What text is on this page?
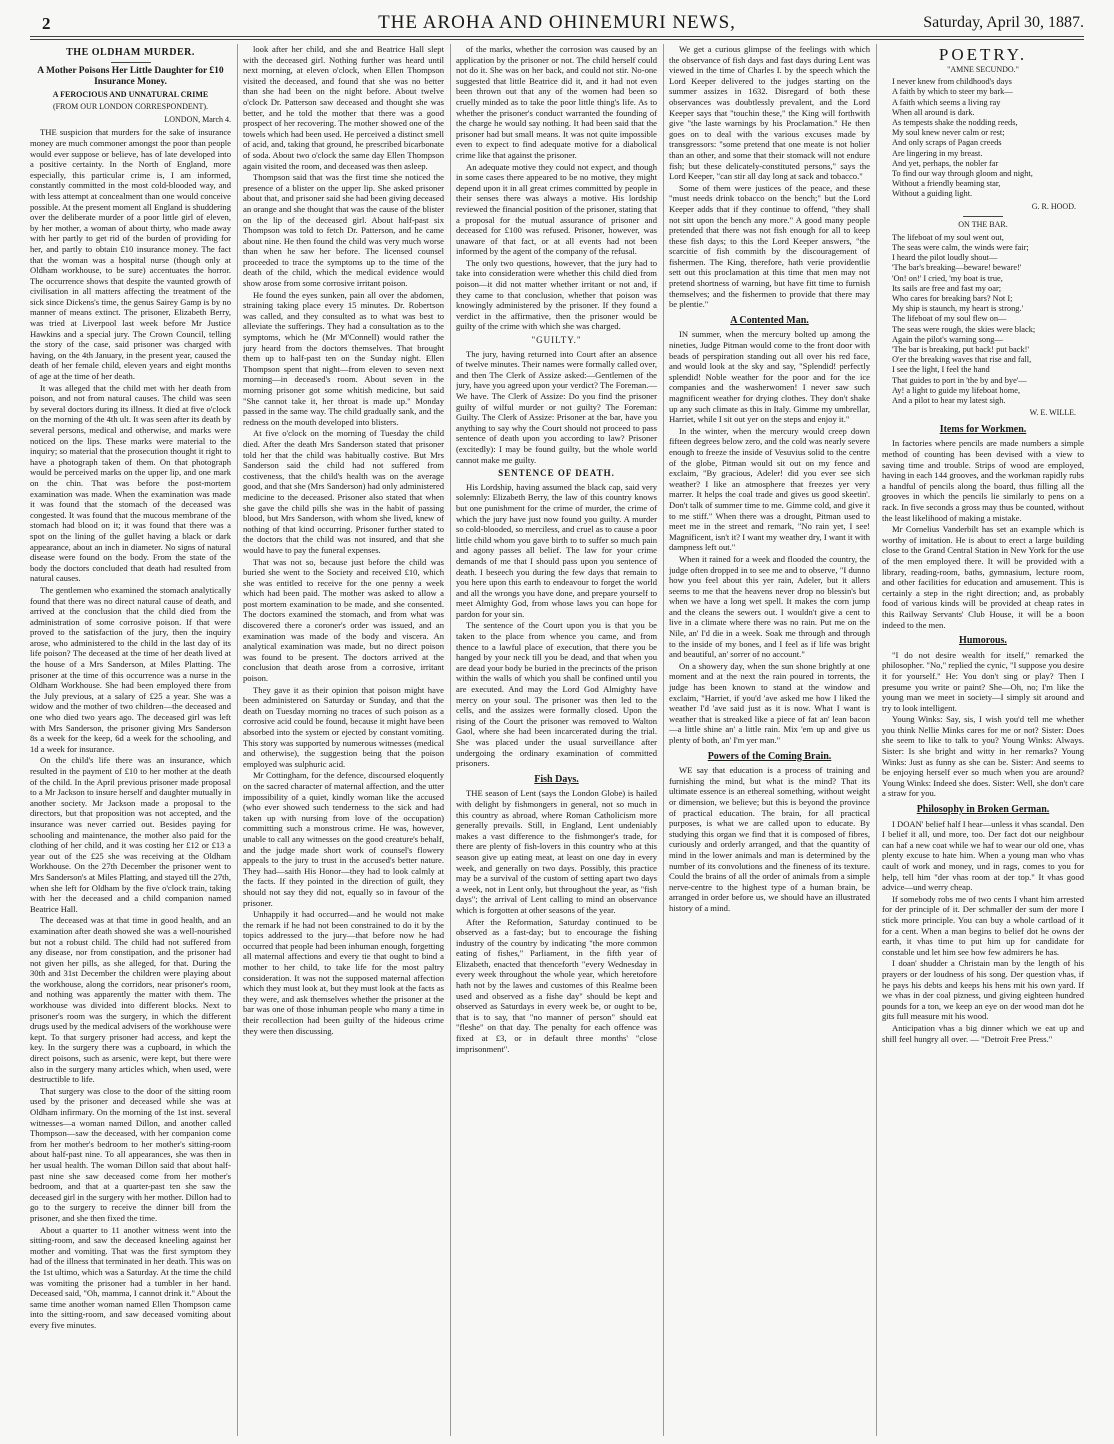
2	THE AROHA AND OHINEMURI NEWS,	Saturday, April 30, 1887.
THE OLDHAM MURDER.
A Mother Poisons Her Little Daughter for £10 Insurance Money.
A FEROCIOUS AND UNNATURAL CRIME
(FROM OUR LONDON CORRESPONDENT).
LONDON, March 4.

THE suspicion that murders for the sake of insurance money are much commoner amongst the poor than people would ever suppose or believe, has of late developed into a positive certainty. In the North of England, more especially, this particular crime is, I am informed, constantly committed in the most cold-blooded way, and with less attempt at concealment than one would conceive possible. At the present moment all England is shuddering over the deliberate murder of a poor little girl of eleven, by her mother, a woman of about thirty, who made away with her partly to get rid of the burden of providing for her, and partly to obtain £10 insurance money. The fact that the woman was a hospital nurse (though only at Oldham workhouse, to be sure) accentuates the horror. The occurrence shows that despite the vaunted growth of civilisation in all matters affecting the treatment of the sick since Dickens's time, the genus Sairey Gamp is by no manner of means extinct. The prisoner, Elizabeth Berry, was tried at Liverpool last week before Mr Justice Hawkins and a special jury. The Crown Council, telling the story of the case, said prisoner was charged with having, on the 4th January, in the present year, caused the death of her female child, eleven years and eight months of age at the time of her death.

It was alleged that the child met with her death from poison, and not from natural causes. The child was seen by several doctors during its illness. It died at five o'clock on the morning of the 4th ult. It was seen after its death by several persons, medical and otherwise, and marks were noticed on the lips. These marks were material to the inquiry; so material that the prosecution thought it right to have a photograph taken of them. On that photograph would be perceived marks on the upper lip, and one mark on the chin. That was before the post-mortem examination was made. When the examination was made it was found that the stomach of the deceased was congested. It was found that the mucous membrane of the stomach had blood on it; it was found that there was a spot on the lining of the gullet having a black or dark appearance, about an inch in diameter. No signs of natural disease were found on the body. From the state of the body the doctors concluded that death had resulted from natural causes.

The gentlemen who examined the stomach analytically found that there was no direct natural cause of death, and arrived at the conclusion that the child died from the administration of some corrosive poison. If that were proved to the satisfaction of the jury, then the inquiry arose, who administered to the child in the last day of its life poison? The deceased at the time of her death lived at the house of a Mrs Sanderson, at Miles Platting. The prisoner at the time of this occurrence was a nurse in the Oldham Workhouse. She had been employed there from the July previous, at a salary of £25 a year. She was a widow and the mother of two children—the deceased and one who died two years ago. The deceased girl was left with Mrs Sanderson, the prisoner giving Mrs Sanderson 8s a week for the keep, 6d a week for the schooling, and 1d a week for insurance.

On the child's life there was an insurance, which resulted in the payment of £10 to her mother at the death of the child. In the April previous prisoner made proposal to a Mr Jackson to insure herself and daughter mutually in another society. Mr Jackson made a proposal to the directors, but that proposition was not accepted, and the insurance was never carried out. Besides paying for schooling and maintenance, the mother also paid for the clothing of her child, and it was costing her £12 or £13 a year out of the £25 she was receiving at the Oldham Workhouse. On the 27th December the prisoner went to Mrs Sanderson's at Miles Platting, and stayed till the 27th, when she left for Oldham by the five o'clock train, taking with her the deceased and a child companion named Beatrice Hall.

The deceased was at that time in good health, and an examination after death showed she was a well-nourished but not a robust child. The child had not suffered from any disease, nor from constipation, and the prisoner had not given her pills, as she alleged, for that. During the 30th and 31st December the children were playing about the workhouse, along the corridors, near prisoner's room, and nothing was apparently the matter with them. The workhouse was divided into different blocks. Next to prisoner's room was the surgery, in which the different drugs used by the medical advisers of the workhouse were kept. To that surgery prisoner had access, and kept the key. In the surgery there was a cupboard, in which the direct poisons, such as arsenic, were kept, but there were also in the surgery many articles which, when used, were destructible to life.

That surgery was close to the door of the sitting room used by the prisoner and deceased while she was at Oldham infirmary. On the morning of the 1st inst. several witnesses—a woman named Dillon, and another called Thompson—saw the deceased, with her companion come from her mother's bedroom to her mother's sitting-room about half-past nine. To all appearances, she was then in her usual health. The woman Dillon said that about half-past nine she saw deceased come from her mother's bedroom, and that at a quarter-past ten she saw the deceased girl in the surgery with her mother. Dillon had to go to the surgery to receive the dinner bill from the prisoner, and she then fixed the time.

About a quarter to 11 another witness went into the sitting-room, and saw the deceased kneeling against her mother and vomiting. That was the first symptom they had of the illness that terminated in her death. This was on the 1st ultimo, which was a Saturday. At the time the child was vomiting the prisoner had a tumbler in her hand. Deceased said, "Oh, mamma, I cannot drink it." About the same time another woman named Ellen Thompson came into the sitting-room, and saw deceased vomiting about every five minutes.

look after her child, and she and Beatrice Hall slept with the deceased girl. Nothing further was heard until next morning, at eleven o'clock, when Ellen Thompson visited the deceased, and found that she was no better than she had been on the night before. About twelve o'clock Dr. Patterson saw deceased and thought she was better, and he told the mother that there was a good prospect of her recovering. The mother showed one of the towels which had been used. He perceived a distinct smell of acid, and, taking that ground, he prescribed bicarbonate of soda. About two o'clock the same day Ellen Thompson again visited the room, and deceased was then asleep.

Thompson said that was the first time she noticed the presence of a blister on the upper lip. She asked prisoner about that, and prisoner said she had been giving deceased an orange and she thought that was the cause of the blister on the lip of the deceased girl. About half-past six Thompson was told to fetch Dr. Patterson, and he came about nine. He then found the child was very much worse than when he saw her before. The licensed counsel proceeded to trace the symptoms up to the time of the death of the child, which the medical evidence would show arose from some corrosive irritant poison.

He found the eyes sunken, pain all over the abdomen, straining taking place every 15 minutes. Dr. Robertson was called, and they consulted as to what was best to alleviate the sufferings. They had a consultation as to the symptoms, which he (Mr M'Connell) would rather the jury heard from the doctors themselves. That brought them up to half-past ten on the Sunday night. Ellen Thompson spent that night—from eleven to seven next morning—in deceased's room. About seven in the morning prisoner got some whitish medicine, but said "She cannot take it, her throat is made up." Monday passed in the same way. The child gradually sank, and the redness on the mouth developed into blisters.

At five o'clock on the morning of Tuesday the child died. After the death Mrs Sanderson stated that prisoner told her that the child was habitually costive. But Mrs Sanderson said the child had not suffered from costiveness, that the child's health was on the average good, and that she (Mrs Sanderson) had only administered medicine to the deceased. Prisoner also stated that when she gave the child pills she was in the habit of passing blood, but Mrs Sanderson, with whom she lived, knew of nothing of that kind occurring. Prisoner further stated to the doctors that the child was not insured, and that she would have to pay the funeral expenses.

That was not so, because just before the child was buried she went to the Society and received £10, which she was entitled to receive for the one penny a week which had been paid. The mother was asked to allow a post mortem examination to be made, and she consented. The doctors examined the stomach, and from what was discovered there a coroner's order was issued, and an examination was made of the body and viscera. An analytical examination was made, but no direct poison was found to be present. The doctors arrived at the conclusion that death arose from a corrosive, irritant poison.

They gave it as their opinion that poison might have been administered on Saturday or Sunday, and that the death on Tuesday morning no traces of such poison as a corrosive acid could be found, because it might have been absorbed into the system or ejected by constant vomiting. This story was supported by numerous witnesses (medical and otherwise), the suggestion being that the poison employed was sulphuric acid.

Mr Cottingham, for the defence, discoursed eloquently on the sacred character of maternal affection, and the utter impossibility of a quiet, kindly woman like the accused (who ever showed such tenderness to the sick and had taken up with nursing from love of the occupation) committing such a monstrous crime. He was, however, unable to call any witnesses on the good creature's behalf, and the judge made short work of counsel's flowery appeals to the jury to trust in the accused's better nature. They had—saith His Honor—they had to look calmly at the facts. If they pointed in the direction of guilt, they should not say they did not, equally so in favour of the prisoner.

Unhappily it had occurred—and he would not make the remark if he had not been constrained to do it by the topics addressed to the jury—that before now he had occurred that people had been inhuman enough, forgetting all maternal affections and every tie that ought to bind a mother to her child, to take life for the most paltry consideration. It was not the supposed maternal affection which they must look at, but they must look at the facts as they were, and ask themselves whether the prisoner at the bar was one of those inhuman people who many a time in their recollection had been guilty of the hideous crime they were then discussing.

of the marks, whether the corrosion was caused by an application by the prisoner or not. The child herself could not do it. She was on her back, and could not stir. No-one suggested that little Beatrice did it, and it had not even been thrown out that any of the women had been so cruelly minded as to take the poor little thing's life. As to whether the prisoner's conduct warranted the founding of the charge he would say nothing. It had been said that the prisoner had but small means. It was not quite impossible even to expect to find adequate motive for a diabolical crime like that against the prisoner.

An adequate motive they could not expect, and though in some cases there appeared to be no motive, they might depend upon it in all great crimes committed by people in their senses there was always a motive. His lordship reviewed the financial position of the prisoner, stating that a proposal for the mutual assurance of prisoner and deceased for £100 was refused. Prisoner, however, was unaware of that fact, or at all events had not been informed by the agent of the company of the refusal.

The only two questions, however, that the jury had to take into consideration were whether this child died from poison—it did not matter whether irritant or not and, if they came to that conclusion, whether that poison was knowingly administered by the prisoner. If they found a verdict in the affirmative, then the prisoner would be guilty of the crime with which she was charged.

"GUILTY."

The jury, having returned into Court after an absence of twelve minutes. Their names were formally called over, and then The Clerk of Assize asked:—Gentlemen of the jury, have you agreed upon your verdict? The Foreman.—We have. The Clerk of Assize: Do you find the prisoner guilty of wilful murder or not guilty? The Foreman: Guilty. The Clerk of Assize: Prisoner at the bar, have you anything to say why the Court should not proceed to pass sentence of death upon you according to law? Prisoner (excitedly): I may be found guilty, but the whole world cannot make me guilty.

SENTENCE OF DEATH.

His Lordship, having assumed the black cap, said very solemnly: Elizabeth Berry, the law of this country knows but one punishment for the crime of murder, the crime of which the jury have just now found you guilty. A murder so cold-blooded, so merciless, and cruel as to cause a poor little child whom you gave birth to to suffer so much pain and agony passes all belief. The law for your crime demands of me that I should pass upon you sentence of death. I beseech you during the few days that remain to you here upon this earth to endeavour to forget the world and all the wrongs you have done, and prepare yourself to meet Almighty God, from whose laws you can hope for pardon for your sin.

The sentence of the Court upon you is that you be taken to the place from whence you came, and from thence to a lawful place of execution, that there you be hanged by your neck till you be dead, and that when you are dead your body be buried in the precincts of the prison within the walls of which you shall be confined until you are executed. And may the Lord God Almighty have mercy on your soul. The prisoner was then led to the cells, and the assizes were formally closed. Upon the rising of the Court the prisoner was removed to Walton Gaol, where she had been incarcerated during the trial. She was placed under the usual surveillance after undergoing the ordinary examination of committed prisoners.

Fish Days.

THE season of Lent (says the London Globe) is hailed with delight by fishmongers in general, not so much in this country as abroad, where Roman Catholicism more generally prevails. Still, in England, Lent undeniably makes a vast difference to the fishmonger's trade, for there are plenty of fish-lovers in this country who at this season give up eating meat, at least on one day in every week, and generally on two days. Possibly, this practice may be a survival of the custom of setting apart two days a week, not in Lent only, but throughout the year, as "fish days"; the arrival of Lent calling to mind an observance which is forgotten at other seasons of the year.

After the Reformation, Saturday continued to be observed as a fast-day; but to encourage the fishing industry of the country by indicating "the more common eating of fishes," Parliament, in the fifth year of Elizabeth, enacted that thenceforth "every Wednesday in every week throughout the whole year, which heretofore hath not by the lawes and customes of this Realme been used and observed as a fishe day" should be kept and observed as Saturdays in every week be, or ought to be, that is to say, that "no manner of person" should eat "fleshe" on that day. The penalty for each offence was fixed at £3, or in default three months' "close imprisonment".

We get a curious glimpse of the feelings with which the observance of fish days and fast days during Lent was viewed in the time of Charles I. by the speech which the Lord Keeper delivered to the judges starting on the summer assizes in 1632. Disregard of both these observances was doubtlessly prevalent, and the Lord Keeper says that "touchin these," the King will forthwith give "the laste warnings by his Proclamation." He then goes on to deal with the various excuses made by transgressors: "some pretend that one meate is not holier than an other, and some that their stomack will not endure fish; but these delicately-constituted persons," says the Lord Keeper, "can stir all day long at sack and tobacco."

Some of them were justices of the peace, and these "must needs drink tobacco on the bench;" but the Lord Keeper adds that if they continue to offend, "they shall not sitt upon the bench any more." A good many people pretended that there was not fish enough for all to keep these fish days; to this the Lord Keeper answers, "the scarcitie of fish commith by the discouragement of fishermen. The King, therefore, hath verie providentlie sett out this proclamation at this time that men may not pretend shortness of warning, but have fitt time to furnish themselves; and the fishermen to provide that there may be plentie."

A Contented Man.

IN summer, when the mercury bolted up among the nineties, Judge Pitman would come to the front door with beads of perspiration standing out all over his red face, and would look at the sky and say, "Splendid! perfectly splendid! Noble weather for the poor and for the ice companies and the washerwomen! I never saw such magnificent weather for drying clothes. They don't shake up any such climate as this in Italy. Gimme my umbrellar, Harriet, while I sit out yer on the steps and enjoy it."

In the winter, when the mercury would creep down fifteen degrees below zero, and the cold was nearly severe enough to freeze the inside of Vesuvius solid to the centre of the globe, Pitman would sit out on my fence and exclaim, "By gracious, Adeler! did you ever see sich weather? I like an atmosphere that freezes yer very marrer. It helps the coal trade and gives us good skeetin'. Don't talk of summer time to me. Gimme cold, and give it to me stiff." When there was a drought, Pitman used to meet me in the street and remark, "No rain yet, I see! Magnificent, isn't it? I want my weather dry, I want it with dampness left out."

When it rained for a week and flooded the country, the judge often dropped in to see me and to observe, "I dunno how you feel about this yer rain, Adeler, but it allers seems to me that the heavens never drop no blessin's but when we have a long wet spell. It makes the corn jump and the cleans the sewers out. I wouldn't give a cent to live in a climate where there was no rain. Put me on the Nile, an' I'd die in a week. Soak me through and through to the inside of my bones, and I feel as if life was bright and beautiful, an' sorrer of no account."

On a showery day, when the sun shone brightly at one moment and at the next the rain poured in torrents, the judge has been known to stand at the window and exclaim, "Harriet, if you'd 'ave asked me how I liked the weather I'd 'ave said just as it is now. What I want is weather that is streaked like a piece of fat an' lean bacon—a little shine an' a little rain. Mix 'em up and give us plenty of both, an' I'm yer man."

Powers of the Coming Brain.

WE say that education is a process of training and furnishing the mind, but what is the mind? That its ultimate essence is an ethereal something, without weight or dimension, we believe; but this is beyond the province of practical education. The brain, for all practical purposes, is what we are called upon to educate. By studying this organ we find that it is composed of fibres, curiously and orderly arranged, and that the quantity of mind in the lower animals and man is determined by the number of its convolutions and the fineness of its texture. Could the brains of all the order of animals from a simple nerve-centre to the highest type of a human brain, be arranged in order before us, we should have an illustrated history of a mind.

POETRY.
"AMNE SECUNDO."
I never knew from childhood's days
A faith by which to steer my bark—
A faith which seems a living ray
When all around is dark.
As tempests shake the nodding reeds,
My soul knew never calm or rest;
And only scraps of Pagan creeds
Are lingering in my breast.
And yet, perhaps, the nobler far
To find our way through gloom and night,
Without a friendly beaming star,
Without a guiding light.
G. R. HOOD.
ON THE BAR.
The lifeboat of my soul went out,
The seas were calm, the winds were fair;
I heard the pilot loudly shout—
'The bar's breaking—beware! beware!'
'On! on!' I cried, 'my boat is true,
Its sails are free and fast my oar;
Who cares for breaking bars? Not I;
My ship is staunch, my heart is strong.'
The lifeboat of my soul flew on—
The seas were rough, the skies were black;
Again the pilot's warning song—
'The bar is breaking, put back! put back!'
O'er the breaking waves that rise and fall,
I see the light, I feel the hand
That guides to port in 'the by and bye'—
Ay! a light to guide my lifeboat home,
And a pilot to hear my latest sigh.
W. E. WILLE.
Items for Workmen.

In factories where pencils are made numbers a simple method of counting has been devised with a view to saving time and trouble. Strips of wood are employed, having in each 144 grooves, and the workman rapidly rubs a handful of pencils along the board, thus filling all the grooves in which the pencils lie similarly to pens on a rack. In five seconds a gross may thus be counted, without the least likelihood of making a mistake.

Mr Cornelius Vanderbilt has set an example which is worthy of imitation. He is about to erect a large building close to the Grand Central Station in New York for the use of the men employed there. It will be provided with a library, reading-room, baths, gymnasium, lecture room, and other facilities for education and amusement. This is certainly a step in the right direction; and, as probably food of various kinds will be provided at cheap rates in this Railway Servants' Club House, it will be a boon indeed to the men.

Humorous.

"I do not desire wealth for itself," remarked the philosopher. "No," replied the cynic, "I suppose you desire it for yourself." He: You don't sing or play? Then I presume you write or paint? She—Oh, no; I'm like the young man we meet in society—I simply sit around and try to look intelligent.

Young Winks: Say, sis, I wish you'd tell me whether you think Nellie Minks cares for me or not? Sister: Does she seem to like to talk to you? Young Winks: Always. Sister: Is she bright and witty in her remarks? Young Winks: Just as funny as she can be. Sister: And seems to be enjoying herself ever so much when you are around? Young Winks: Indeed she does. Sister: Well, she don't care a straw for you.

Philosophy in Broken German.

I DOAN' belief half I hear—unless it vhas scandal. Den I belief it all, und more, too. Der fact dot our neighbour can haf a new coat while we haf to wear our old one, vhas plenty excuse to hate him. When a young man who vhas cault of work and money, und in rags, comes to you for help, tell him "der vhas room at der top." It vhas good advice—und werry cheap.

If somebody robs me of two cents I vhant him arrested for der principle of it. Der schmaller der sum der more I stick more principle. You can buy a whole cartload of it for a cent. When a man begins to belief dot he owns der earth, it vhas time to put him up for candidate for constable und let him see how few admirers he has.

I doan' shudder a Christain man by the length of his prayers or der loudness of his song. Der question vhas, if he pays his debts and keeps his hens mit his own yard. If we vhas in der coal pizness, und giving eighteen hundred pounds for a ton, we keep an eye on der wood man dot he gits full measure mit his wood.

Anticipation vhas a big dinner which we eat up and shill feel hungry all over. — "Detroit Free Press."
